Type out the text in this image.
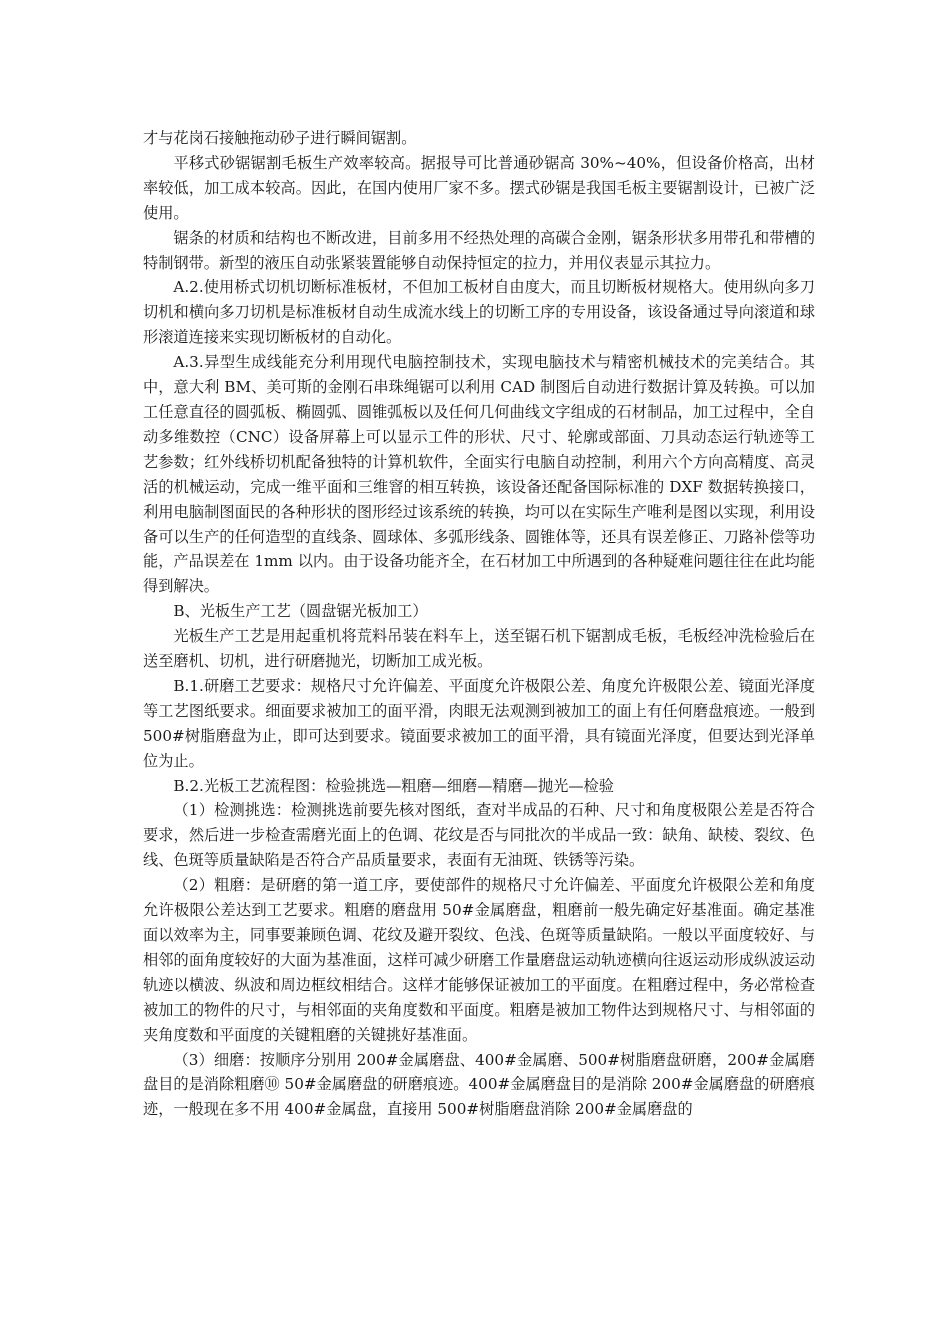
才与花岗石接触拖动砂子进行瞬间锯割。

平移式砂锯锯割毛板生产效率较高。据报导可比普通砂锯高 30%~40%，但设备价格高，出材率较低，加工成本较高。因此，在国内使用厂家不多。摆式砂锯是我国毛板主要锯割设计，已被广泛使用。

锯条的材质和结构也不断改进，目前多用不经热处理的高碳合金刚，锯条形状多用带孔和带槽的特制钢带。新型的液压自动张紧装置能够自动保持恒定的拉力，并用仪表显示其拉力。

A.2.使用桥式切机切断标准板材，不但加工板材自由度大，而且切断板材规格大。使用纵向多刀切机和横向多刀切机是标准板材自动生成流水线上的切断工序的专用设备，该设备通过导向滚道和球形滚道连接来实现切断板材的自动化。

A.3.异型生成线能充分利用现代电脑控制技术，实现电脑技术与精密机械技术的完美结合。其中，意大利 BM、美可斯的金刚石串珠绳锯可以利用 CAD 制图后自动进行数据计算及转换。可以加工任意直径的圆弧板、椭圆弧、圆锥弧板以及任何几何曲线文字组成的石材制品，加工过程中，全自动多维数控（CNC）设备屏幕上可以显示工件的形状、尺寸、轮廓或部面、刀具动态运行轨迹等工艺参数；红外线桥切机配备独特的计算机软件，全面实行电脑自动控制，利用六个方向高精度、高灵活的机械运动，完成一维平面和三维窨的相互转换，该设备还配备国际标准的 DXF 数据转换接口，利用电脑制图面民的各种形状的图形经过该系统的转换，均可以在实际生产唯利是图以实现，利用设备可以生产的任何造型的直线条、圆球体、多弧形线条、圆锥体等，还具有误差修正、刀路补偿等功能，产品误差在 1mm 以内。由于设备功能齐全，在石材加工中所遇到的各种疑难问题往往在此均能得到解决。

B、光板生产工艺（圆盘锯光板加工）

光板生产工艺是用起重机将荒料吊装在料车上，送至锯石机下锯割成毛板，毛板经冲洗检验后在送至磨机、切机，进行研磨抛光，切断加工成光板。

B.1.研磨工艺要求：规格尺寸允许偏差、平面度允许极限公差、角度允许极限公差、镜面光泽度等工艺图纸要求。细面要求被加工的面平滑，肉眼无法观测到被加工的面上有任何磨盘痕迹。一般到 500#树脂磨盘为止，即可达到要求。镜面要求被加工的面平滑，具有镜面光泽度，但要达到光泽单位为止。

B.2.光板工艺流程图：检验挑选—粗磨—细磨—精磨—抛光—检验

（1）检测挑选：检测挑选前要先核对图纸，查对半成品的石种、尺寸和角度极限公差是否符合要求，然后进一步检查需磨光面上的色调、花纹是否与同批次的半成品一致：缺角、缺棱、裂纹、色线、色斑等质量缺陷是否符合产品质量要求，表面有无油斑、铁锈等污染。

（2）粗磨：是研磨的第一道工序，要使部件的规格尺寸允许偏差、平面度允许极限公差和角度允许极限公差达到工艺要求。粗磨的磨盘用 50#金属磨盘，粗磨前一般先确定好基准面。确定基准面以效率为主，同事要兼顾色调、花纹及避开裂纹、色浅、色斑等质量缺陷。一般以平面度较好、与相邻的面角度较好的大面为基准面，这样可减少研磨工作量磨盘运动轨迹横向往返运动形成纵波运动轨迹以横波、纵波和周边框纹相结合。这样才能够保证被加工的平面度。在粗磨过程中，务必常检查被加工的物件的尺寸，与相邻面的夹角度数和平面度。粗磨是被加工物件达到规格尺寸、与相邻面的夹角度数和平面度的关键粗磨的关键挑好基准面。

（3）细磨：按顺序分别用 200#金属磨盘、400#金属磨、500#树脂磨盘研磨，200#金属磨盘目的是消除粗磨⑩ 50#金属磨盘的研磨痕迹。400#金属磨盘目的是消除 200#金属磨盘的研磨痕迹，一般现在多不用 400#金属盘，直接用 500#树脂磨盘消除 200#金属磨盘的
